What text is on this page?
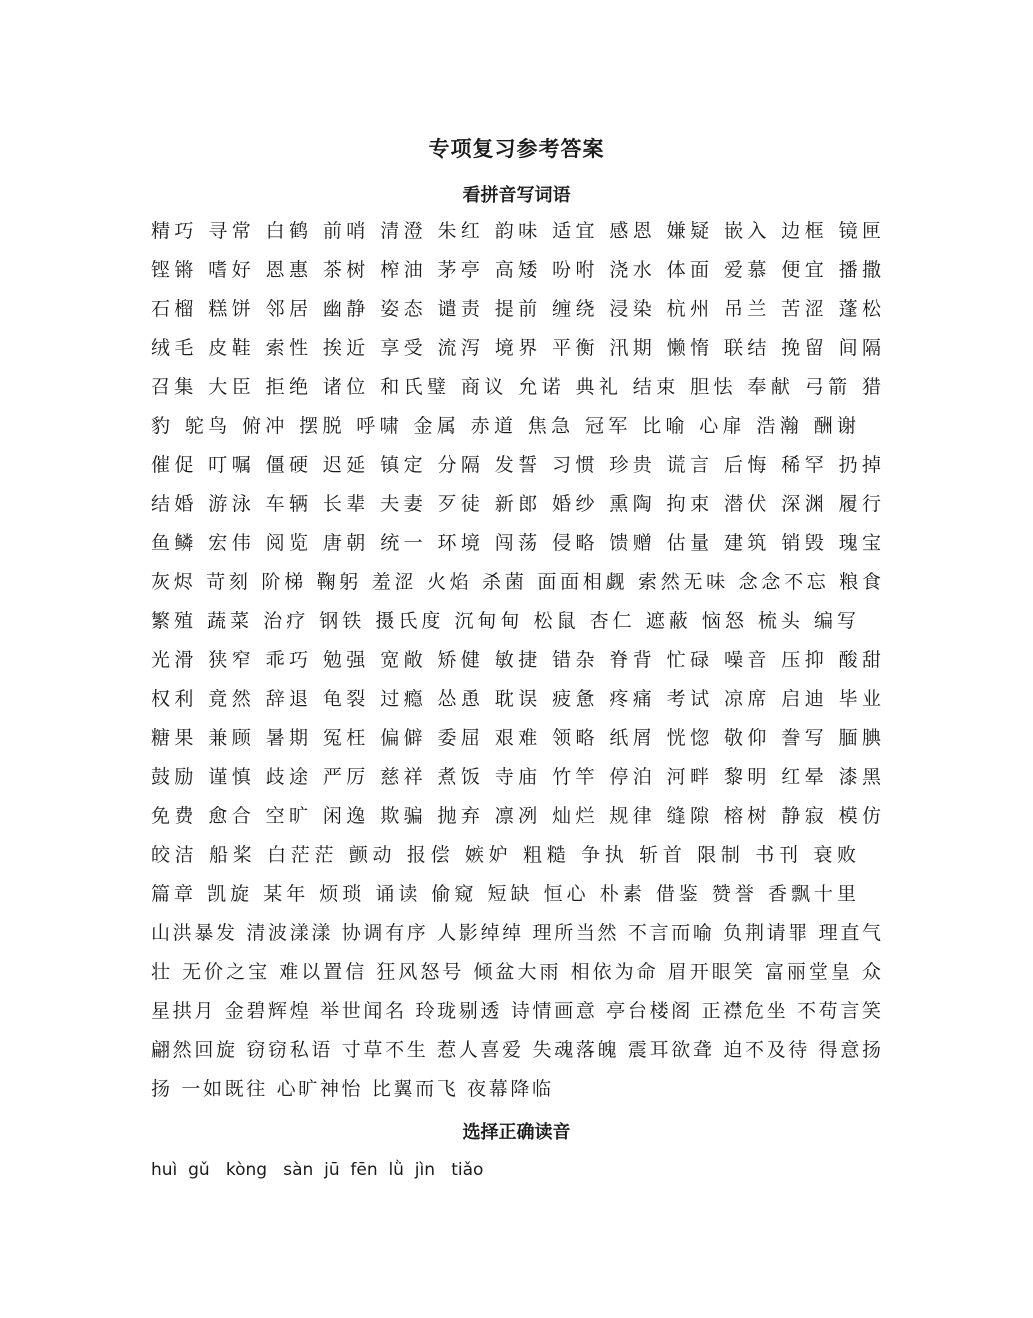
专项复习参考答案
看拼音写词语
精巧 寻常 白鹤 前哨 清澄 朱红 韵味 适宜 感恩 嫌疑 嵌入 边框 镜匣
铿锵 嗜好 恩惠 茶树 榨油 茅亭 高矮 吩咐 浇水 体面 爱慕 便宜 播撒
石榴 糕饼 邻居 幽静 姿态 谴责 提前 缠绕 浸染 杭州 吊兰 苦涩 蓬松
绒毛 皮鞋 索性 挨近 享受 流泻 境界 平衡 汛期 懒惰 联结 挽留 间隔
召集 大臣 拒绝 诸位 和氏璧 商议 允诺 典礼 结束 胆怯 奉献 弓箭 猎
豹 鸵鸟 俯冲 摆脱 呼啸 金属 赤道 焦急 冠军 比喻 心扉 浩瀚 酬谢
催促 叮嘱 僵硬 迟延 镇定 分隔 发誓 习惯 珍贵 谎言 后悔 稀罕 扔掉
结婚 游泳 车辆 长辈 夫妻 歹徒 新郎 婚纱 熏陶 拘束 潜伏 深渊 履行
鱼鳞 宏伟 阅览 唐朝 统一 环境 闯荡 侵略 馈赠 估量 建筑 销毁 瑰宝
灰烬 苛刻 阶梯 鞠躬 羞涩 火焰 杀菌 面面相觑 索然无味 念念不忘 粮食
繁殖 蔬菜 治疗 钢铁 摄氏度 沉甸甸 松鼠 杏仁 遮蔽 恼怒 梳头 编写
光滑 狭窄 乖巧 勉强 宽敞 矫健 敏捷 错杂 脊背 忙碌 噪音 压抑 酸甜
权利 竟然 辞退 龟裂 过瘾 怂恿 耽误 疲惫 疼痛 考试 凉席 启迪 毕业
糖果 兼顾 暑期 冤枉 偏僻 委屈 艰难 领略 纸屑 恍惚 敬仰 誊写 腼腆
鼓励 谨慎 歧途 严厉 慈祥 煮饭 寺庙 竹竿 停泊 河畔 黎明 红晕 漆黑
免费 愈合 空旷 闲逸 欺骗 抛弃 凛冽 灿烂 规律 缝隙 榕树 静寂 模仿
皎洁 船桨 白茫茫 颤动 报偿 嫉妒 粗糙 争执 斩首 限制 书刊 衰败
篇章 凯旋 某年 烦琐 诵读 偷窥 短缺 恒心 朴素 借鉴 赞誉 香飘十里
山洪暴发 清波漾漾 协调有序 人影绰绰 理所当然 不言而喻 负荆请罪 理直气
壮 无价之宝 难以置信 狂风怒号 倾盆大雨 相依为命 眉开眼笑 富丽堂皇 众
星拱月 金碧辉煌 举世闻名 玲珑剔透 诗情画意 亭台楼阁 正襟危坐 不苟言笑
翩然回旋 窃窃私语 寸草不生 惹人喜爱 失魂落魄 震耳欲聋 迫不及待 得意扬
扬 一如既往 心旷神怡 比翼而飞 夜幕降临
选择正确读音
huì  gǔ   kòng   sàn  jū  fēn  lǜ  jìn   tiǎo
